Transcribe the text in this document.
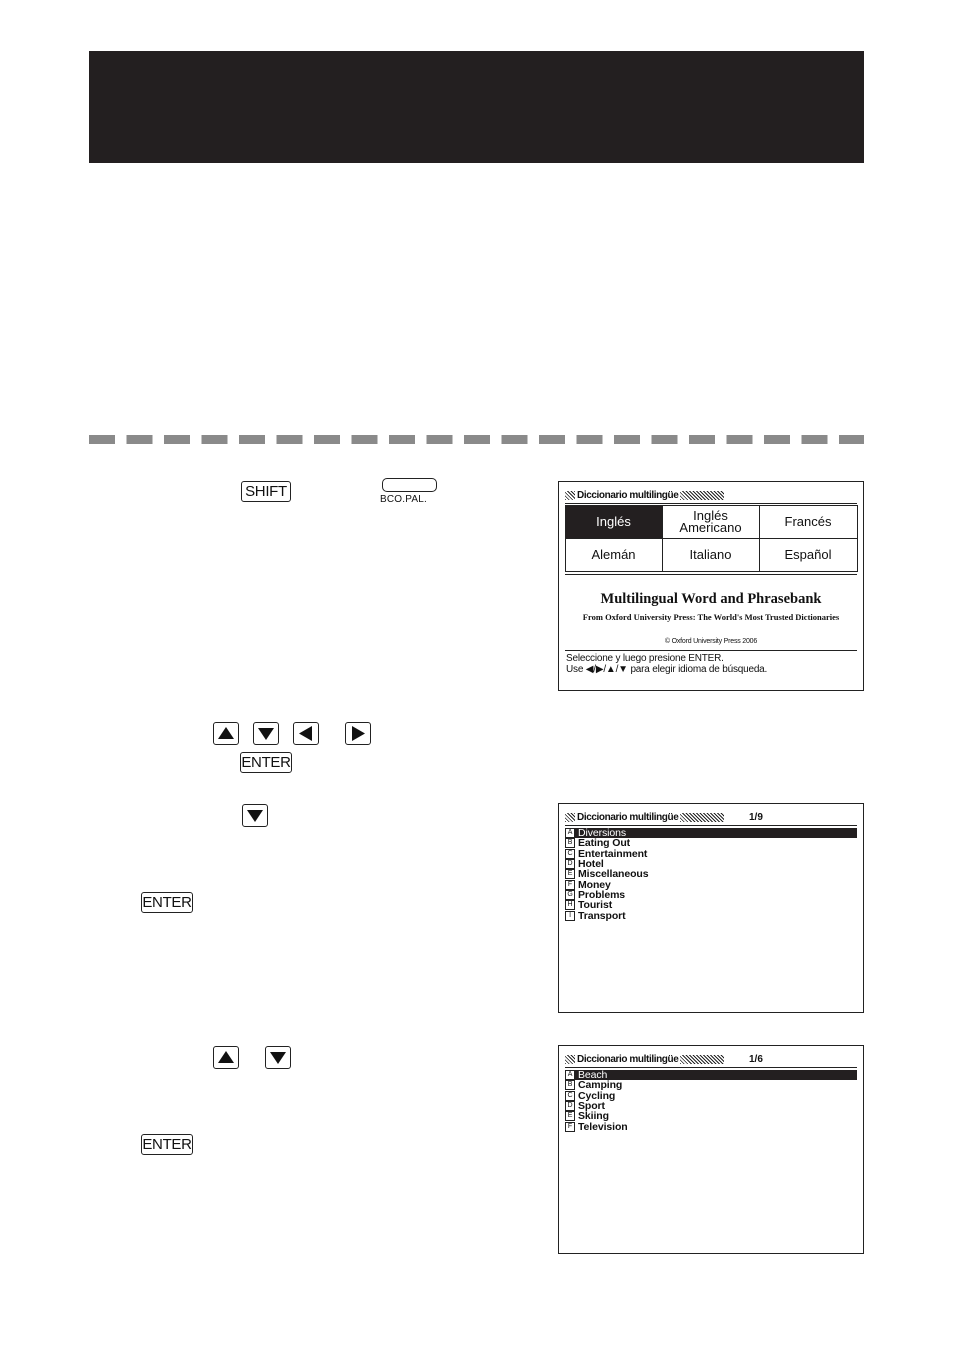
SHIFT	BCO.PAL.
ENTER
ENTER
ENTER
Diccionario multilingüe
Inglés	Inglés Americano	Francés
Alemán	Italiano	Español
Multilingual Word and Phrasebank
From Oxford University Press: The World's Most Trusted Dictionaries
© Oxford University Press 2006
Seleccione y luego presione ENTER.
Use ◀/▶/▲/▼ para elegir idioma de búsqueda.
Diccionario multilingüe	1/9
A Diversions
B Eating Out
C Entertainment
D Hotel
E Miscellaneous
F Money
G Problems
H Tourist
I Transport
Diccionario multilingüe	1/6
A Beach
B Camping
C Cycling
D Sport
E Skiing
F Television
